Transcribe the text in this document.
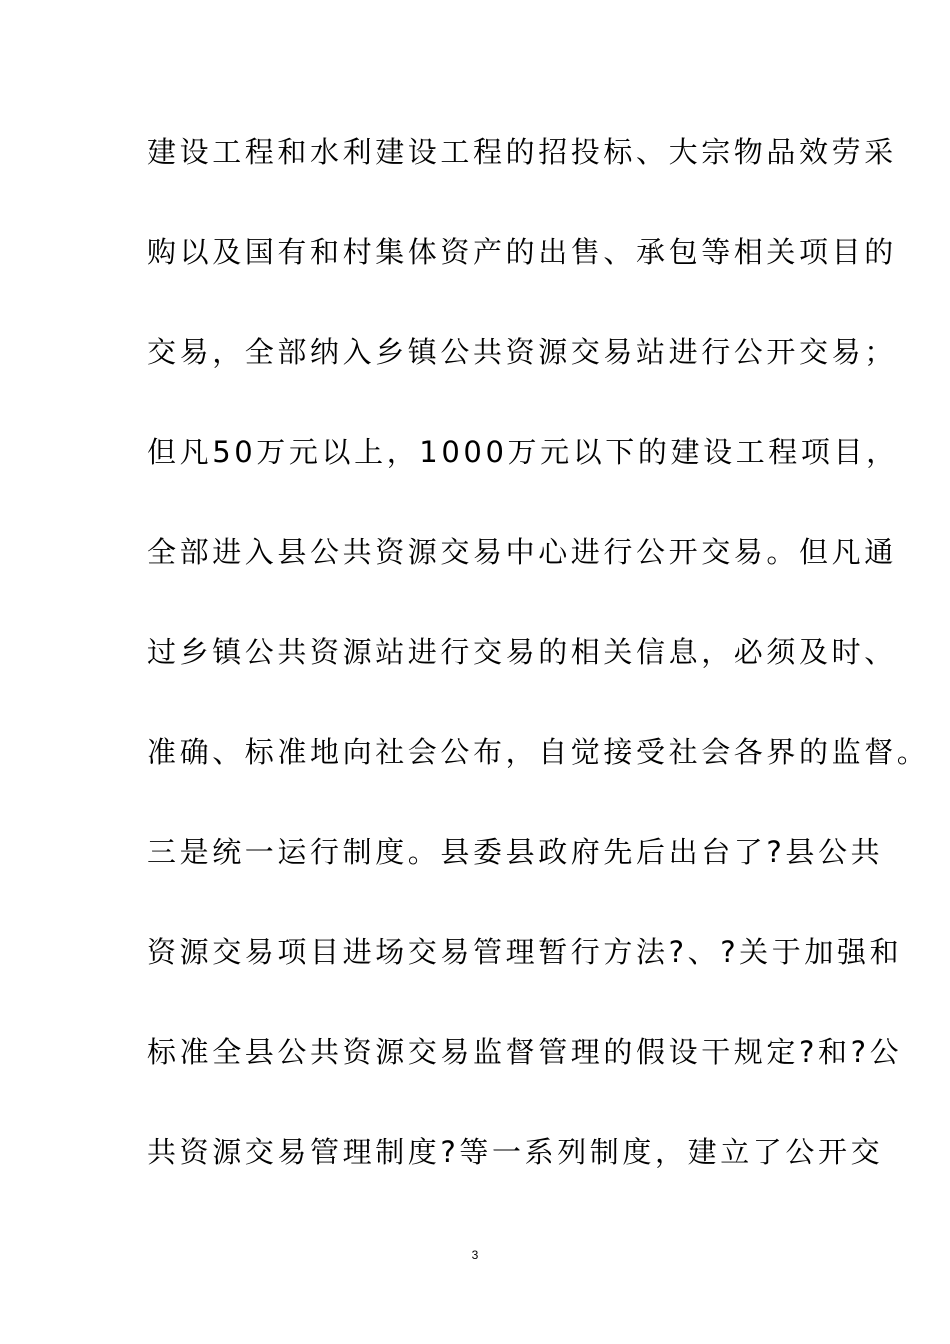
建设工程和水利建设工程的招投标、大宗物品效劳采
购以及国有和村集体资产的出售、承包等相关项目的
交易，全部纳入乡镇公共资源交易站进行公开交易；
但凡50万元以上，1000万元以下的建设工程项目，
全部进入县公共资源交易中心进行公开交易。但凡通
过乡镇公共资源站进行交易的相关信息，必须及时、
准确、标准地向社会公布，自觉接受社会各界的监督。
三是统一运行制度。县委县政府先后出台了?县公共
资源交易项目进场交易管理暂行方法?、?关于加强和
标准全县公共资源交易监督管理的假设干规定?和?公
共资源交易管理制度?等一系列制度，建立了公开交
3
